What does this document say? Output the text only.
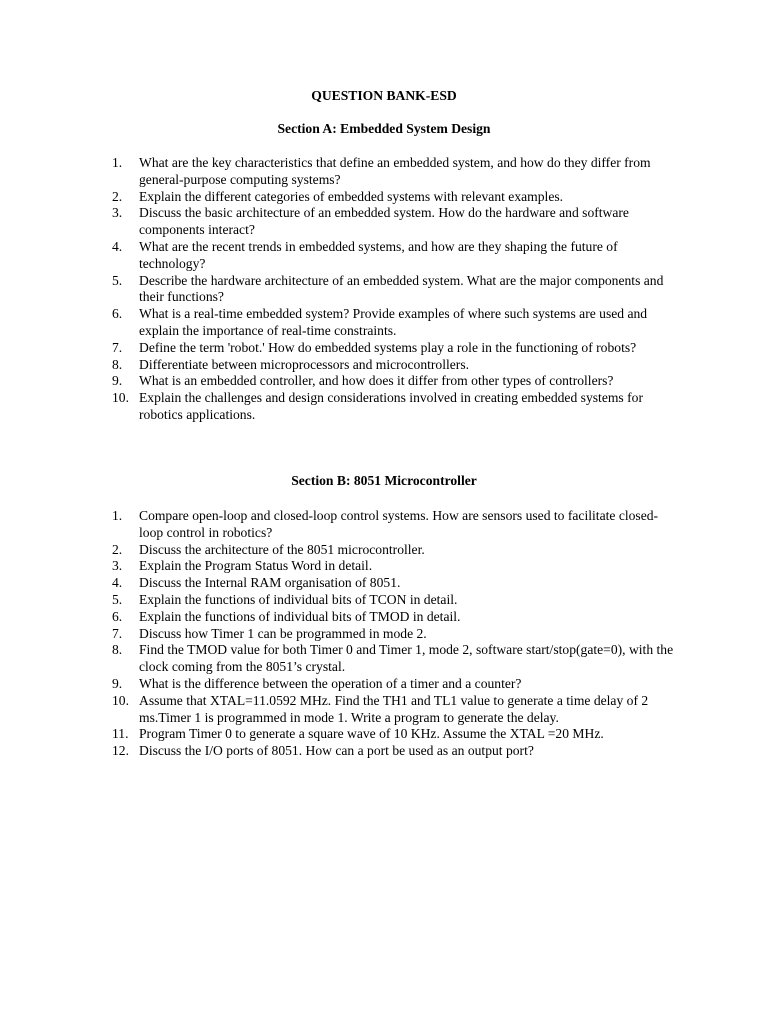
QUESTION BANK-ESD
Section A: Embedded System Design
1.	What are the key characteristics that define an embedded system, and how do they differ from general-purpose computing systems?
2.	Explain the different categories of embedded systems with relevant examples.
3.	Discuss the basic architecture of an embedded system. How do the hardware and software components interact?
4.	What are the recent trends in embedded systems, and how are they shaping the future of technology?
5.	Describe the hardware architecture of an embedded system. What are the major components and their functions?
6.	What is a real-time embedded system? Provide examples of where such systems are used and explain the importance of real-time constraints.
7.	Define the term 'robot.' How do embedded systems play a role in the functioning of robots?
8.	Differentiate between microprocessors and microcontrollers.
9.	What is an embedded controller, and how does it differ from other types of controllers?
10. Explain the challenges and design considerations involved in creating embedded systems for robotics applications.
Section B: 8051 Microcontroller
1.	Compare open-loop and closed-loop control systems. How are sensors used to facilitate closed-loop control in robotics?
2.	Discuss the architecture of the 8051 microcontroller.
3.	Explain the Program Status Word in detail.
4.	Discuss the Internal RAM organisation of 8051.
5.	Explain the functions of individual bits of TCON in detail.
6.	Explain the functions of individual bits of TMOD in detail.
7.	Discuss how Timer 1 can be programmed in mode 2.
8.	Find the TMOD value for both Timer 0 and Timer 1, mode 2, software start/stop(gate=0), with the clock coming from the 8051’s crystal.
9.	What is the difference between the operation of a timer and a counter?
10. Assume that XTAL=11.0592 MHz. Find the TH1 and TL1 value to generate a time delay of 2 ms.Timer 1 is programmed in mode 1. Write a program to generate the delay.
11. Program Timer 0 to generate a square wave of 10 KHz. Assume the XTAL =20 MHz.
12. Discuss the I/O ports of 8051. How can a port be used as an output port?
